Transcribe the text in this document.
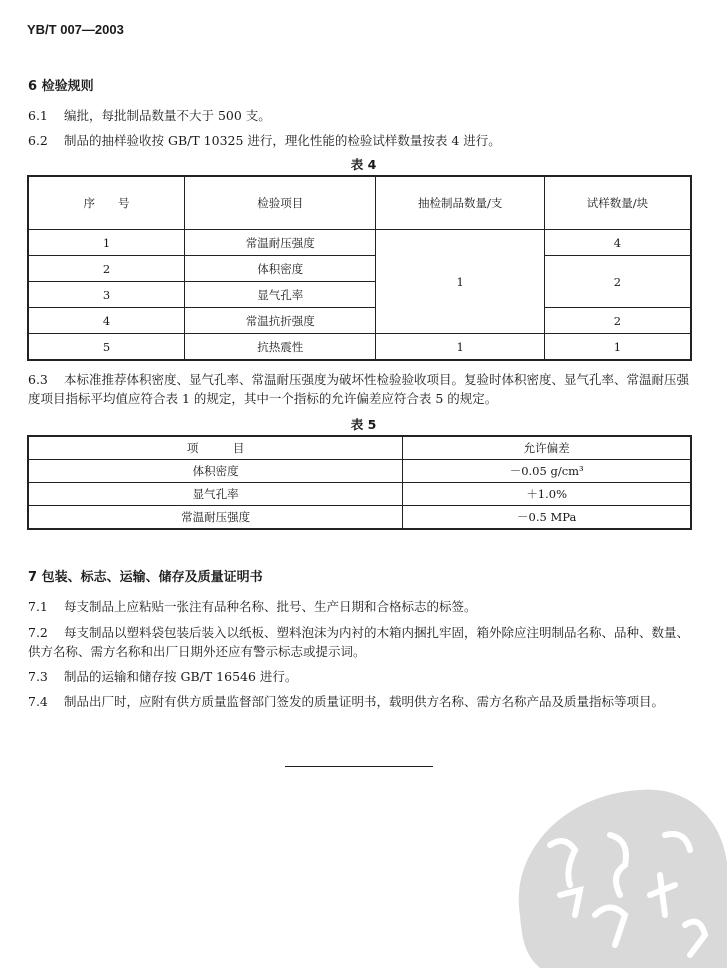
YB/T 007—2003
6 检验规则
6.1 编批，每批制品数量不大于 500 支。
6.2 制品的抽样验收按 GB/T 10325 进行，理化性能的检验试样数量按表 4 进行。
表 4
序　　号	检验项目	抽检制品数量/支	试样数量/块
1	常温耐压强度	1	4
2	体积密度		2
3	显气孔率		
4	常温抗折强度		2
5	抗热震性	1	1
6.3 本标准推荐体积密度、显气孔率、常温耐压强度为破坏性检验验收项目。复验时体积密度、显气孔率、常温耐压强度项目指标平均值应符合表 1 的规定，其中一个指标的允许偏差应符合表 5 的规定。
表 5
项　　　目	允许偏差
体积密度	－0.05 g/cm³
显气孔率	＋1.0%
常温耐压强度	－0.5 MPa
7 包装、标志、运输、储存及质量证明书
7.1 每支制品上应粘贴一张注有品种名称、批号、生产日期和合格标志的标签。
7.2 每支制品以塑料袋包装后装入以纸板、塑料泡沫为内衬的木箱内捆扎牢固，箱外除应注明制品名称、品种、数量、供方名称、需方名称和出厂日期外还应有警示标志或提示词。
7.3 制品的运输和储存按 GB/T 16546 进行。
7.4 制品出厂时，应附有供方质量监督部门签发的质量证明书，载明供方名称、需方名称产品及质量指标等项目。
